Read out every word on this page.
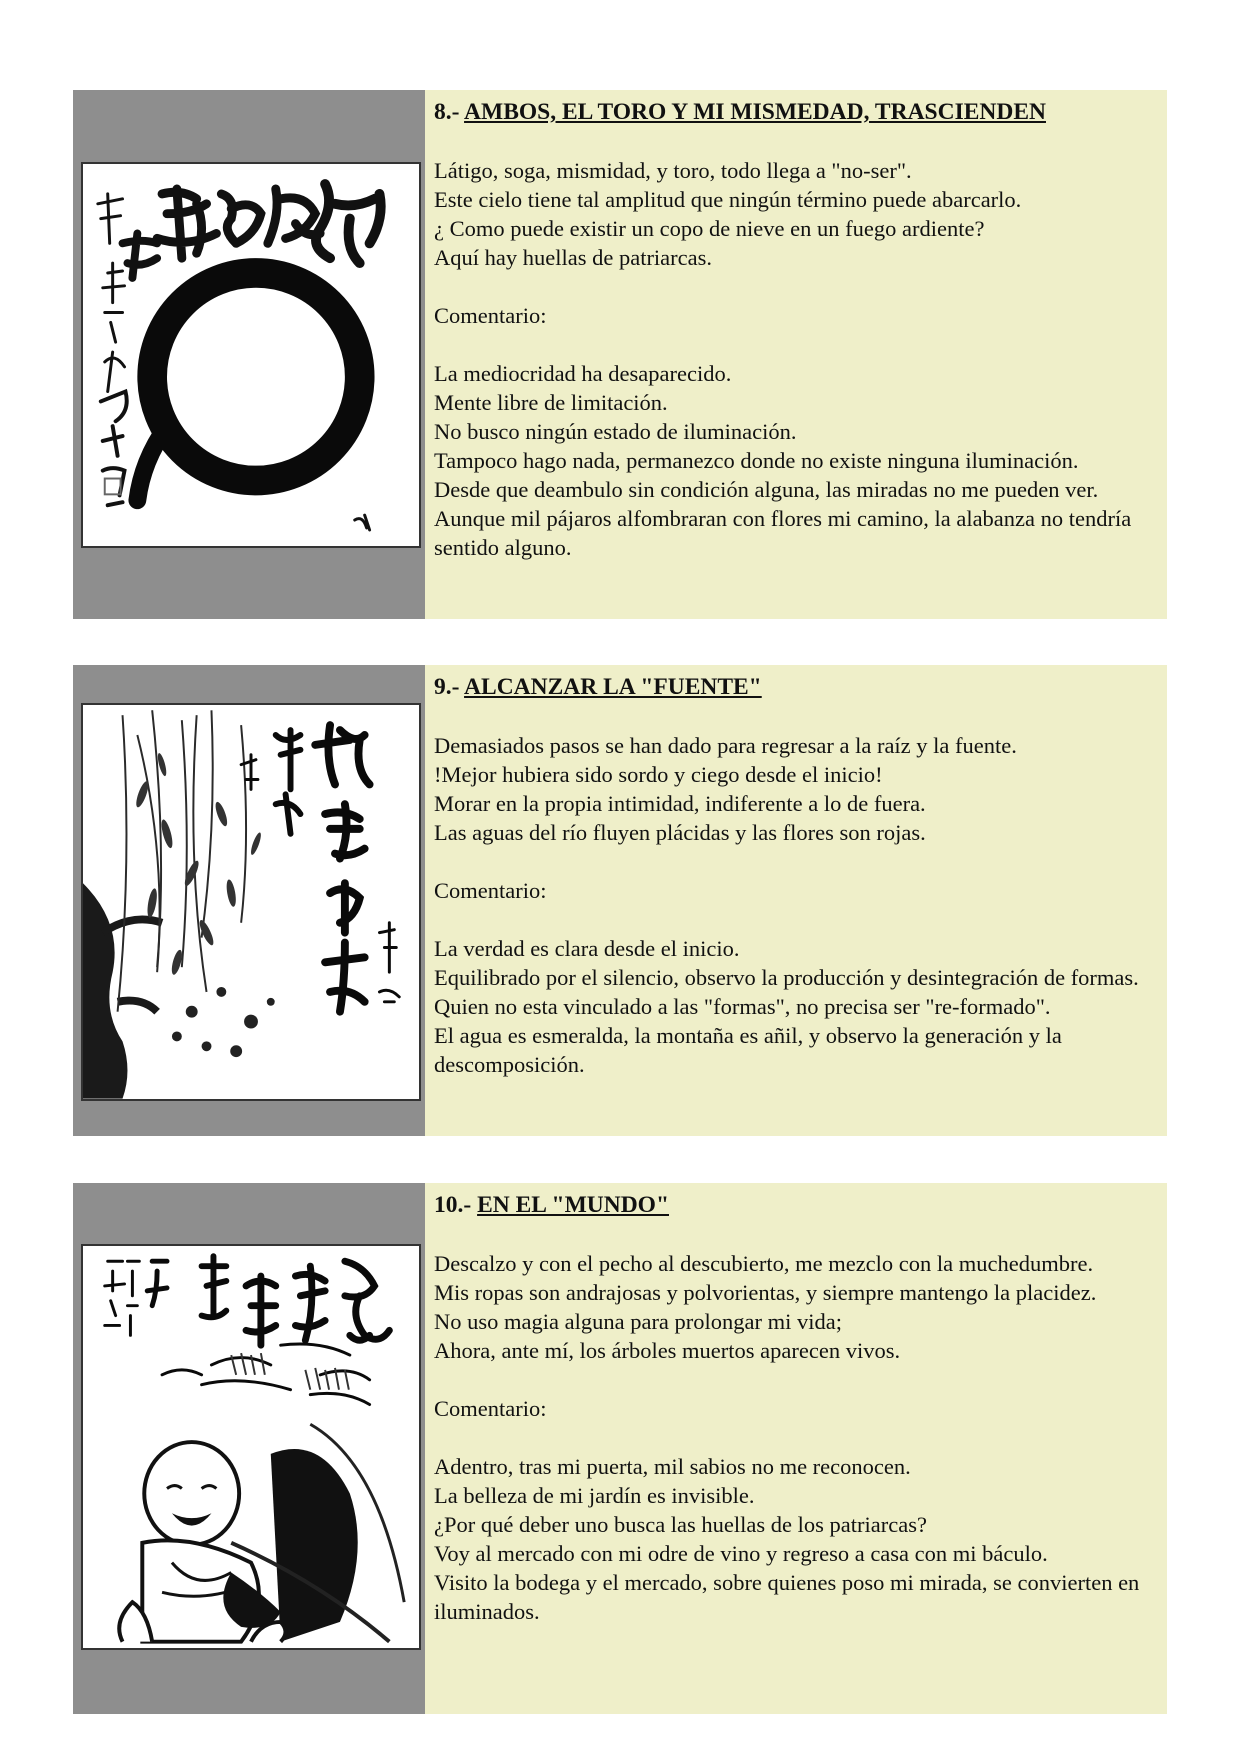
8.- AMBOS, EL TORO Y MI MISMEDAD, TRASCIENDEN

Látigo, soga, mismidad, y toro, todo llega a "no-ser".

Este cielo tiene tal amplitud que ningún término puede abarcarlo.

¿ Como puede existir un copo de nieve en un fuego ardiente?

Aquí hay huellas de patriarcas.

Comentario:

La mediocridad ha desaparecido.

Mente libre de limitación.

No busco ningún estado de iluminación.

Tampoco hago nada, permanezco donde no existe ninguna iluminación.

Desde que deambulo sin condición alguna, las miradas no me pueden ver.

Aunque mil pájaros alfombraran con flores mi camino, la alabanza no tendría sentido alguno.

9.- ALCANZAR LA "FUENTE"

Demasiados pasos se han dado para regresar a la raíz y la fuente.

!Mejor hubiera sido sordo y ciego desde el inicio!

Morar en la propia intimidad, indiferente a lo de fuera.

Las aguas del río fluyen plácidas y las flores son rojas.

Comentario:

La verdad es clara desde el inicio.

Equilibrado por el silencio, observo la producción y desintegración de formas.

Quien no esta vinculado a las "formas", no precisa ser "re-formado".

El agua es esmeralda, la montaña es añil, y observo la generación y la descomposición.

10.- EN EL "MUNDO"

Descalzo y con el pecho al descubierto, me mezclo con la muchedumbre.

Mis ropas son andrajosas y polvorientas, y siempre mantengo la placidez.

No uso magia alguna para prolongar mi vida;

Ahora, ante mí, los árboles muertos aparecen vivos.

Comentario:

Adentro, tras mi puerta, mil sabios no me reconocen.

La belleza de mi jardín es invisible.

¿Por qué deber uno busca las huellas de los patriarcas?

Voy al mercado con mi odre de vino y regreso a casa con mi báculo.

Visito la bodega y el mercado, sobre quienes poso mi mirada, se convierten en iluminados.
